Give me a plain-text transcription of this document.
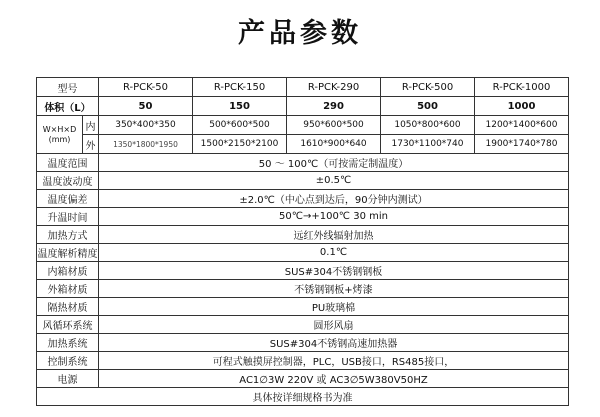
产品参数
型号		R-PCK-50	R-PCK-150	R-PCK-290	R-PCK-500	R-PCK-1000
体积（L）		50	150	290	500	1000
W×H×D
(mm)	内	350*400*350	500*600*500	950*600*500	1050*800*600	1200*1400*600
	外	1350*1800*1950	1500*2150*2100	1610*900*640	1730*1100*740	1900*1740*780
温度范围		50 ～ 100℃（可按需定制温度）				
温度波动度		±0.5℃				
温度偏差		±2.0℃（中心点到达后，90分钟内测试）				
升温时间		50℃→+100℃ 30 min				
加热方式		远红外线辐射加热				
温度解析精度		0.1℃				
内箱材质		SUS#304不锈钢钢板				
外箱材质		不锈钢钢板+烤漆				
隔热材质		PU玻璃棉				
风循环系统		圆形风扇				
加热系统		SUS#304不锈钢高速加热器				
控制系统		可程式触摸屏控制器，PLC，USB接口，RS485接口，				
电源		AC1∅3W 220V 或 AC3∅5W380V50HZ				
具体按详细规格书为准						
